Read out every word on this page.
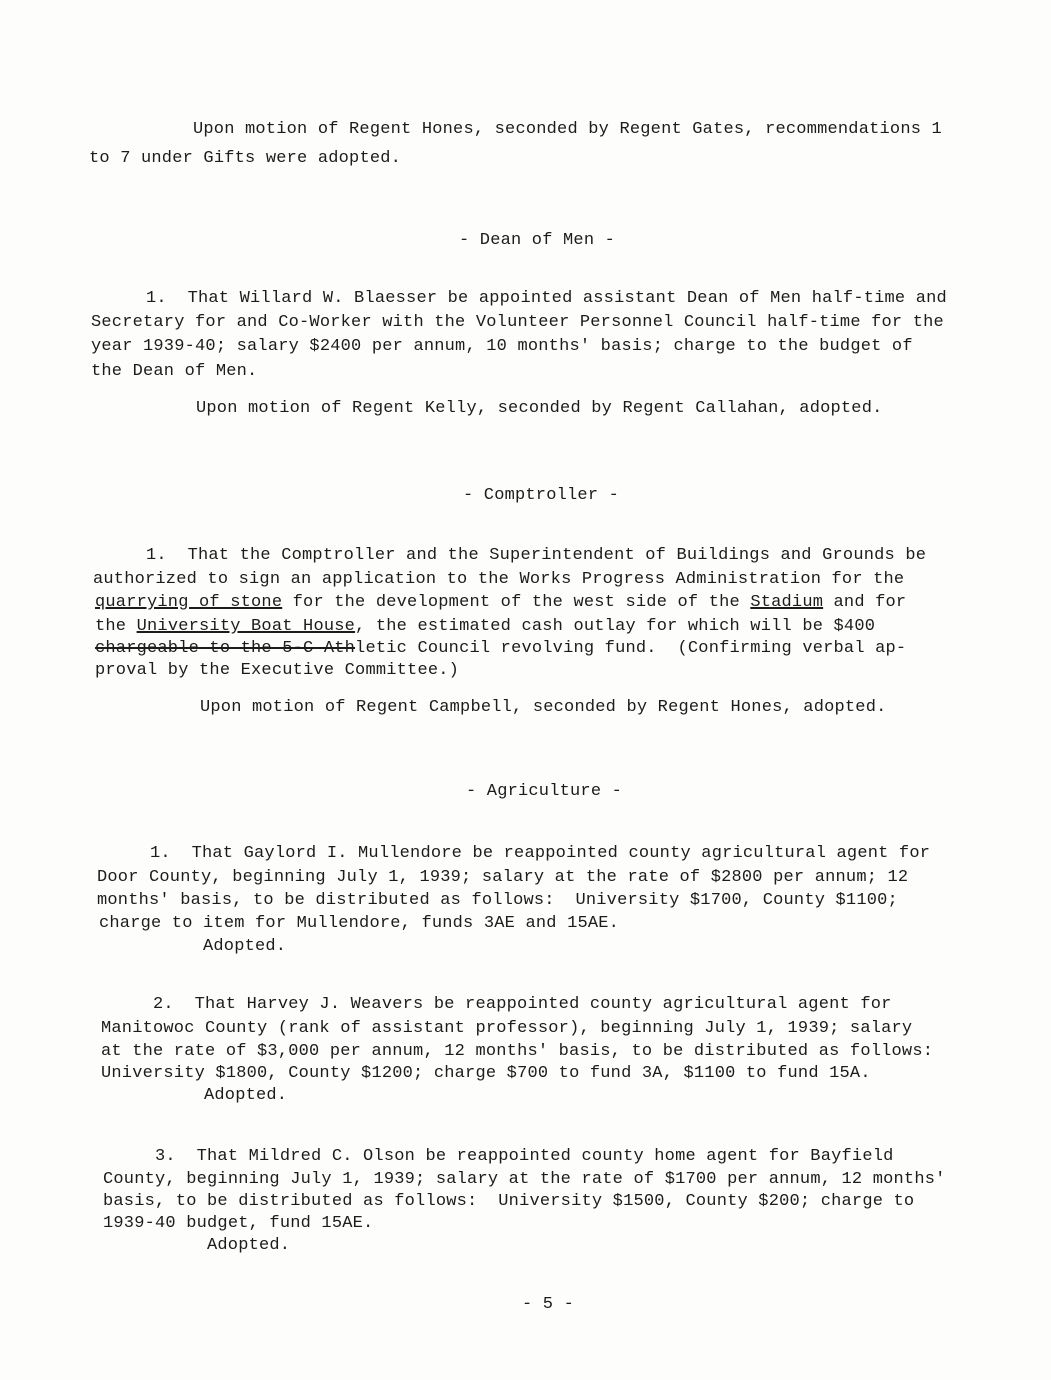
Upon motion of Regent Hones, seconded by Regent Gates, recommendations 1
to 7 under Gifts were adopted.
- Dean of Men -
1.  That Willard W. Blaesser be appointed assistant Dean of Men half-time and
Secretary for and Co-Worker with the Volunteer Personnel Council half-time for the
year 1939-40; salary $2400 per annum, 10 months' basis; charge to the budget of
the Dean of Men.
Upon motion of Regent Kelly, seconded by Regent Callahan, adopted.
- Comptroller -
1.  That the Comptroller and the Superintendent of Buildings and Grounds be
authorized to sign an application to the Works Progress Administration for the
quarrying of stone for the development of the west side of the Stadium and for
the University Boat House, the estimated cash outlay for which will be $400
chargeable to the 5-C Athletic Council revolving fund.  (Confirming verbal ap-
proval by the Executive Committee.)
Upon motion of Regent Campbell, seconded by Regent Hones, adopted.
- Agriculture -
1.  That Gaylord I. Mullendore be reappointed county agricultural agent for
Door County, beginning July 1, 1939; salary at the rate of $2800 per annum; 12
months' basis, to be distributed as follows:  University $1700, County $1100;
charge to item for Mullendore, funds 3AE and 15AE.
Adopted.
2.  That Harvey J. Weavers be reappointed county agricultural agent for
Manitowoc County (rank of assistant professor), beginning July 1, 1939; salary
at the rate of $3,000 per annum, 12 months' basis, to be distributed as follows:
University $1800, County $1200; charge $700 to fund 3A, $1100 to fund 15A.
Adopted.
3.  That Mildred C. Olson be reappointed county home agent for Bayfield
County, beginning July 1, 1939; salary at the rate of $1700 per annum, 12 months'
basis, to be distributed as follows:  University $1500, County $200; charge to
1939-40 budget, fund 15AE.
Adopted.
- 5 -
